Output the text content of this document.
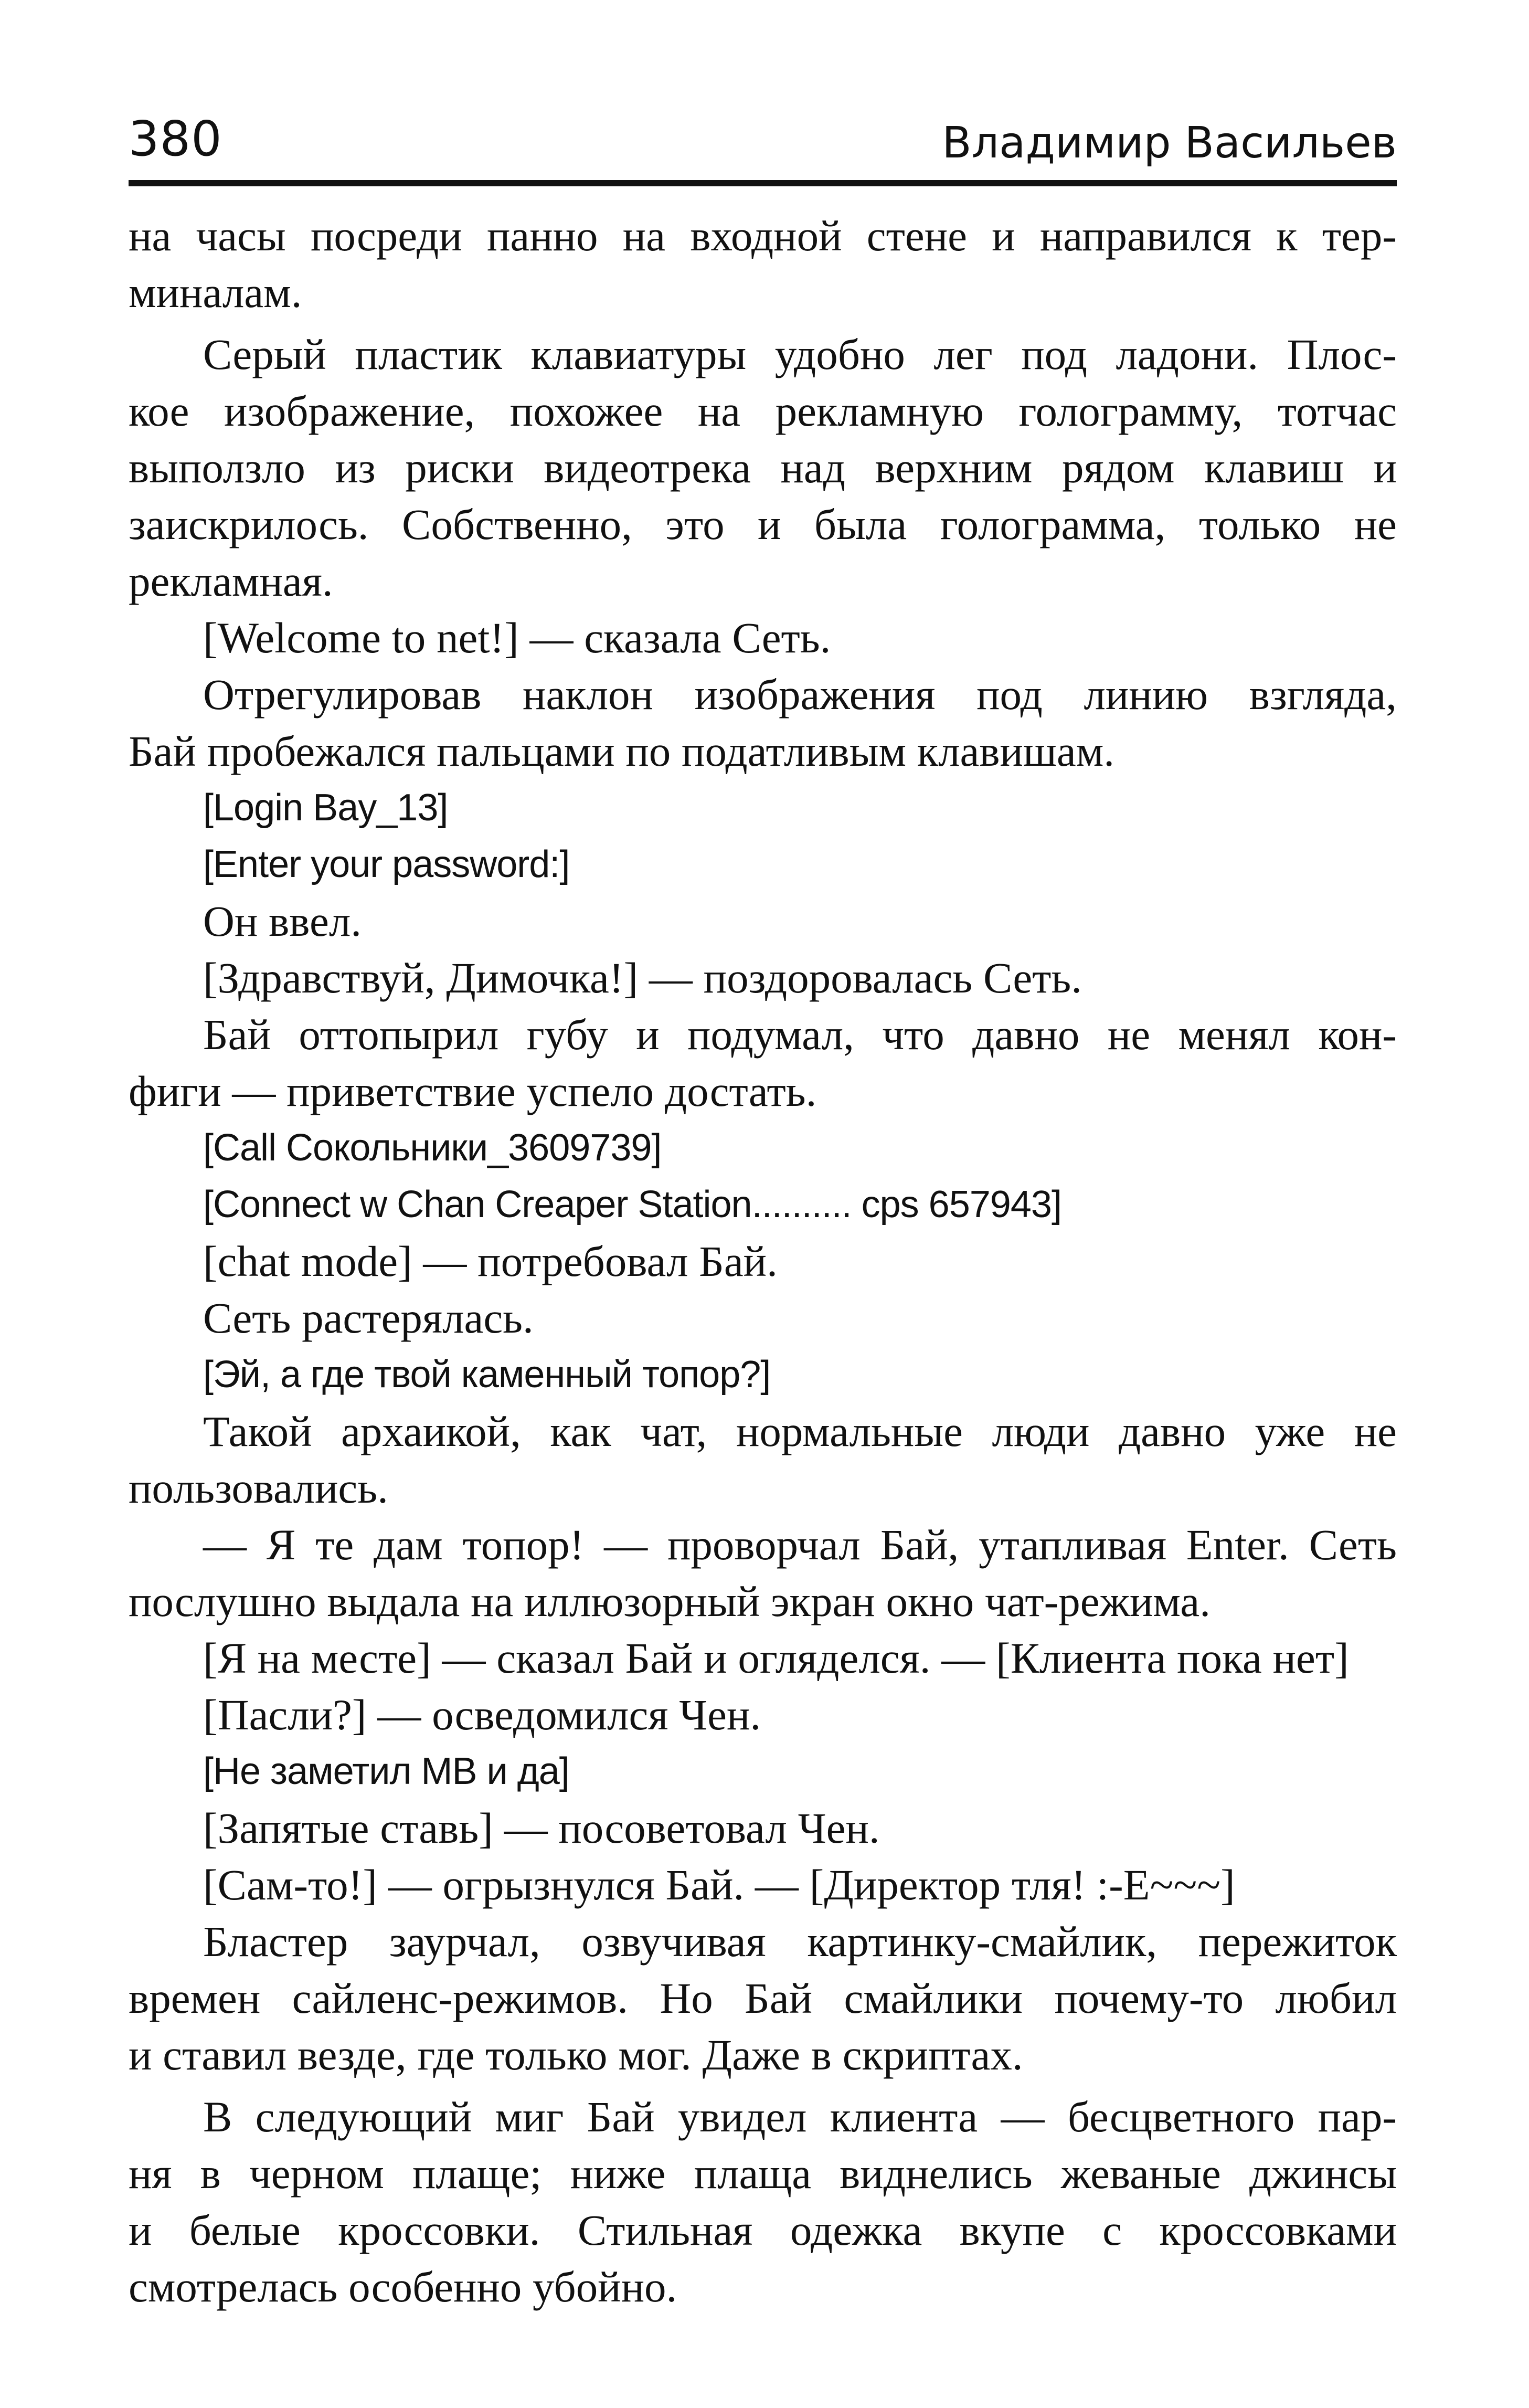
380	Владимир Васильев
на часы посреди панно на входной стене и направился к тер-
миналам.
Серый пластик клавиатуры удобно лег под ладони. Плос-
кое изображение, похожее на рекламную голограмму, тотчас
выползло из риски видеотрека над верхним рядом клавиш и
заискрилось. Собственно, это и была голограмма, только не
рекламная.
[Welcome to net!] — сказала Сеть.
Отрегулировав наклон изображения под линию взгляда,
Бай пробежался пальцами по податливым клавишам.
[Login Bay_13]
[Enter your password:]
Он ввел.
[Здравствуй, Димочка!] — поздоровалась Сеть.
Бай оттопырил губу и подумал, что давно не менял кон-
фиги — приветствие успело достать.
[Call Сокольники_3609739]
[Connect w Chan Creaper Station.......... cps 657943]
[chat mode] — потребовал Бай.
Сеть растерялась.
[Эй, а где твой каменный топор?]
Такой архаикой, как чат, нормальные люди давно уже не
пользовались.
— Я те дам топор! — проворчал Бай, утапливая Enter. Сеть
послушно выдала на иллюзорный экран окно чат-режима.
[Я на месте] — сказал Бай и огляделся. — [Клиента пока нет]
[Пасли?] — осведомился Чен.
[Не заметил MB и да]
[Запятые ставь] — посоветовал Чен.
[Сам-то!] — огрызнулся Бай. — [Директор тля! :-Е~~~]
Бластер заурчал, озвучивая картинку-смайлик, пережиток
времен сайленс-режимов. Но Бай смайлики почему-то любил
и ставил везде, где только мог. Даже в скриптах.
В следующий миг Бай увидел клиента — бесцветного пар-
ня в черном плаще; ниже плаща виднелись жеваные джинсы
и белые кроссовки. Стильная одежка вкупе с кроссовками
смотрелась особенно убойно.
